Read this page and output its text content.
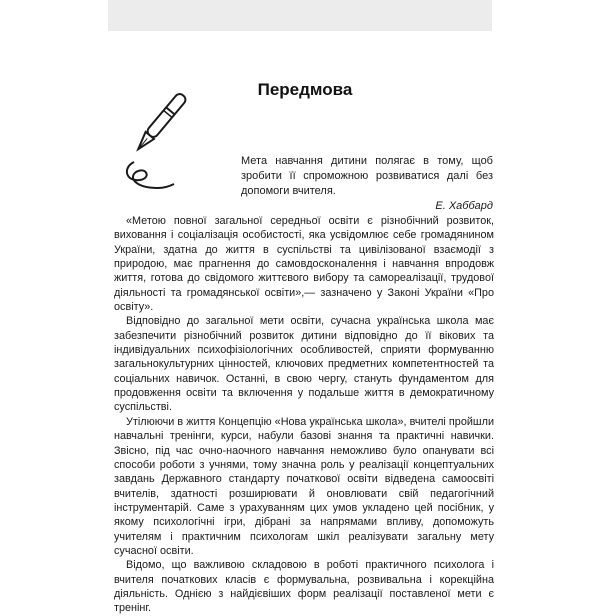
Передмова

Мета навчання дитини полягає в тому, щоб зробити її спроможною розвиватися далі без допомоги вчителя.

Е. Хаббард

«Метою повної загальної середньої освіти є різнобічний розвиток, виховання і соціалізація особистості, яка усвідомлює себе громадянином України, здатна до життя в суспільстві та цивілізованої взаємодії з природою, має прагнення до самовдосконалення і навчання впродовж життя, готова до свідомого життєвого вибору та самореалізації, трудової діяльності та громадянської освіти»,— зазначено у Законі України «Про освіту».

Відповідно до загальної мети освіти, сучасна українська школа має забезпечити різнобічний розвиток дитини відповідно до її вікових та індивідуальних психофізіологічних особливостей, сприяти формуванню загальнокультурних цінностей, ключових предметних компетентностей та соціальних навичок. Останні, в свою чергу, стануть фундаментом для продовження освіти та включення у подальше життя в демократичному суспільстві.

Утілюючи в життя Концепцію «Нова українська школа», вчителі пройшли навчальні тренінги, курси, набули базові знання та практичні навички. Звісно, під час очно-наочного навчання неможливо було опанувати всі способи роботи з учнями, тому значна роль у реалізації концептуальних завдань Державного стандарту початкової освіти відведена самоосвіті вчителів, здатності розширювати й оновлювати свій педагогічний інструментарій. Саме з урахуванням цих умов укладено цей посібник, у якому психологічні ігри, дібрані за напрямами впливу, допоможуть учителям і практичним психологам шкіл реалізувати загальну мету сучасної освіти.

Відомо, що важливою складовою в роботі практичного психолога і вчителя початкових класів є формувальна, розвивальна і корекційна діяльність. Однією з найдієвіших форм реалізації поставленої мети є тренінг.
